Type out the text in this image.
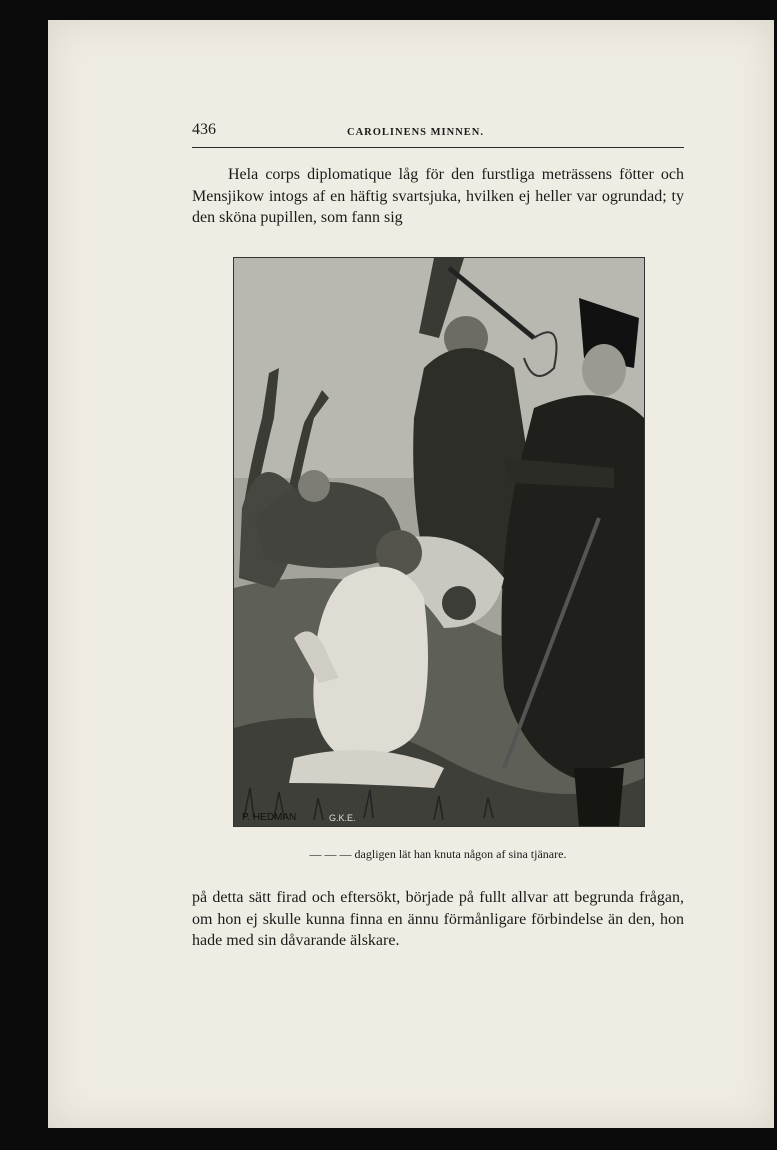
436	CAROLINENS MINNEN.

Hela corps diplomatique låg för den furstliga meträssens fötter och Mensjikow intogs af en häftig svartsjuka, hvilken ej heller var ogrundad; ty den sköna pupillen, som fann sig

P. HEDMAN	G.K.E.
— — — dagligen lät han knuta någon af sina tjänare.

på detta sätt firad och eftersökt, började på fullt allvar att begrunda frågan, om hon ej skulle kunna finna en ännu förmånligare förbindelse än den, hon hade med sin dåvarande älskare.
